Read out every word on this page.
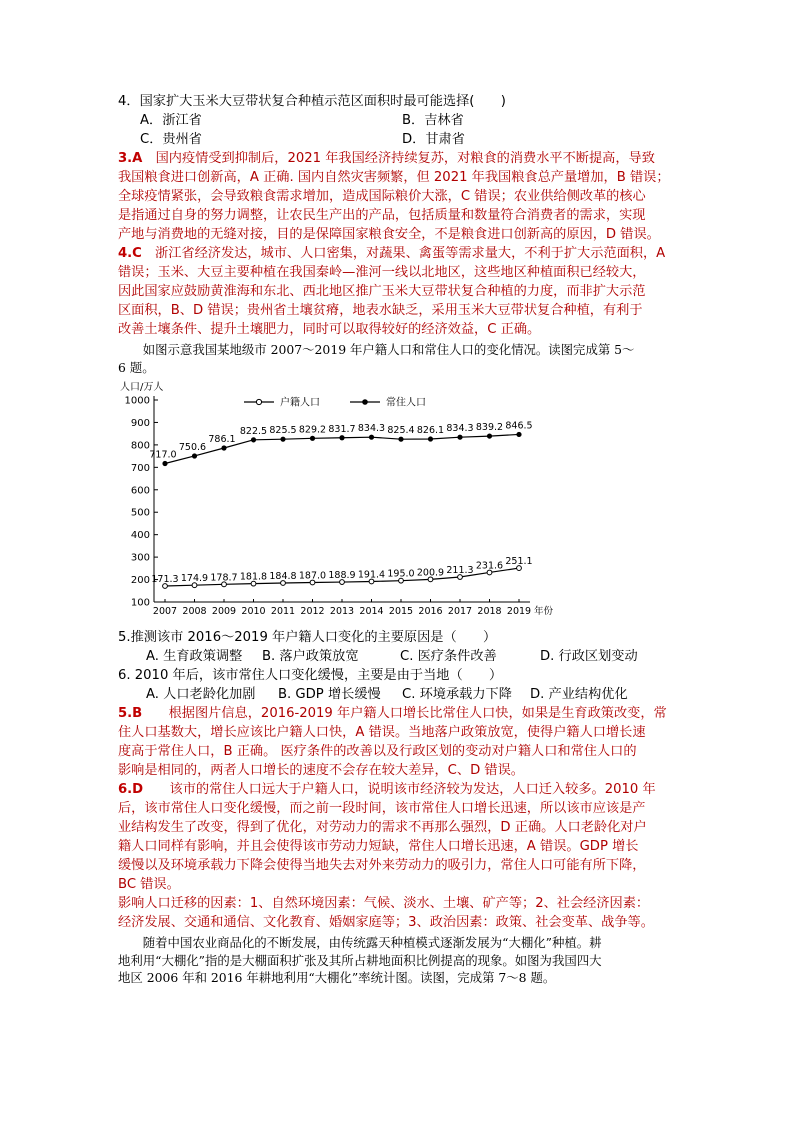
4．国家扩大玉米大豆带状复合种植示范区面积时最可能选择(　　)
A．浙江省	B．吉林省
C．贵州省	D．甘肃省
3.A　国内疫情受到抑制后，2021 年我国经济持续复苏，对粮食的消费水平不断提高，导致
我国粮食进口创新高，A 正确. 国内自然灾害频繁，但 2021 年我国粮食总产量增加，B 错误；
全球疫情紧张，会导致粮食需求增加，造成国际粮价大涨，C 错误；农业供给侧改革的核心
是指通过自身的努力调整，让农民生产出的产品，包括质量和数量符合消费者的需求，实现
产地与消费地的无缝对接，目的是保障国家粮食安全，不是粮食进口创新高的原因，D 错误。
4.C　浙江省经济发达，城市、人口密集，对蔬果、禽蛋等需求量大，不利于扩大示范面积，A
错误；玉米、大豆主要种植在我国秦岭—淮河一线以北地区，这些地区种植面积已经较大，
因此国家应鼓励黄淮海和东北、西北地区推广玉米大豆带状复合种植的力度，而非扩大示范
区面积，B、D 错误；贵州省土壤贫瘠，地表水缺乏，采用玉米大豆带状复合种植，有利于
改善土壤条件、提升土壤肥力，同时可以取得较好的经济效益，C 正确。
　　如图示意我国某地级市 2007～2019 年户籍人口和常住人口的变化情况。读图完成第 5～
6 题。
人口/万人
100
200
300
400
500
600
700
800
900
1000
2007 2008 2009 2010 2011 2012 2013 2014 2015 2016 2017 2018 2019 年份
户籍人口	常住人口
171.3 174.9 178.7 181.8 184.8 187.0 188.9 191.4 195.0 200.9 211.3 231.6 251.1
717.0
750.6
786.1
822.5 825.5 829.2 831.7 834.3 825.4 826.1 834.3 839.2 846.5
5.推测该市 2016～2019 年户籍人口变化的主要原因是（　　）
A. 生育政策调整	B. 落户政策放宽	C. 医疗条件改善	D. 行政区划变动
6. 2010 年后，该市常住人口变化缓慢，主要是由于当地（　　）
A. 人口老龄化加剧	B. GDP 增长缓慢	C. 环境承载力下降	D. 产业结构优化
5.B　　根据图片信息，2016-2019 年户籍人口增长比常住人口快，如果是生育政策改变，常
住人口基数大，增长应该比户籍人口快，A 错误。当地落户政策放宽，使得户籍人口增长速
度高于常住人口，B 正确。 医疗条件的改善以及行政区划的变动对户籍人口和常住人口的
影响是相同的，两者人口增长的速度不会存在较大差异，C、D 错误。
6.D　　该市的常住人口远大于户籍人口，说明该市经济较为发达，人口迁入较多。2010 年
后，该市常住人口变化缓慢，而之前一段时间，该市常住人口增长迅速，所以该市应该是产
业结构发生了改变，得到了优化，对劳动力的需求不再那么强烈，D 正确。人口老龄化对户
籍人口同样有影响，并且会使得该市劳动力短缺，常住人口增长迅速，A 错误。GDP 增长
缓慢以及环境承载力下降会使得当地失去对外来劳动力的吸引力，常住人口可能有所下降，
BC 错误。
影响人口迁移的因素：1、自然环境因素：气候、淡水、土壤、矿产等；2、社会经济因素：
经济发展、交通和通信、文化教育、婚姻家庭等；3、政治因素：政策、社会变革、战争等。
　　随着中国农业商品化的不断发展，由传统露天种植模式逐渐发展为“大棚化”种植。耕
地利用“大棚化”指的是大棚面积扩张及其所占耕地面积比例提高的现象。如图为我国四大
地区 2006 年和 2016 年耕地利用“大棚化”率统计图。读图，完成第 7～8 题。
